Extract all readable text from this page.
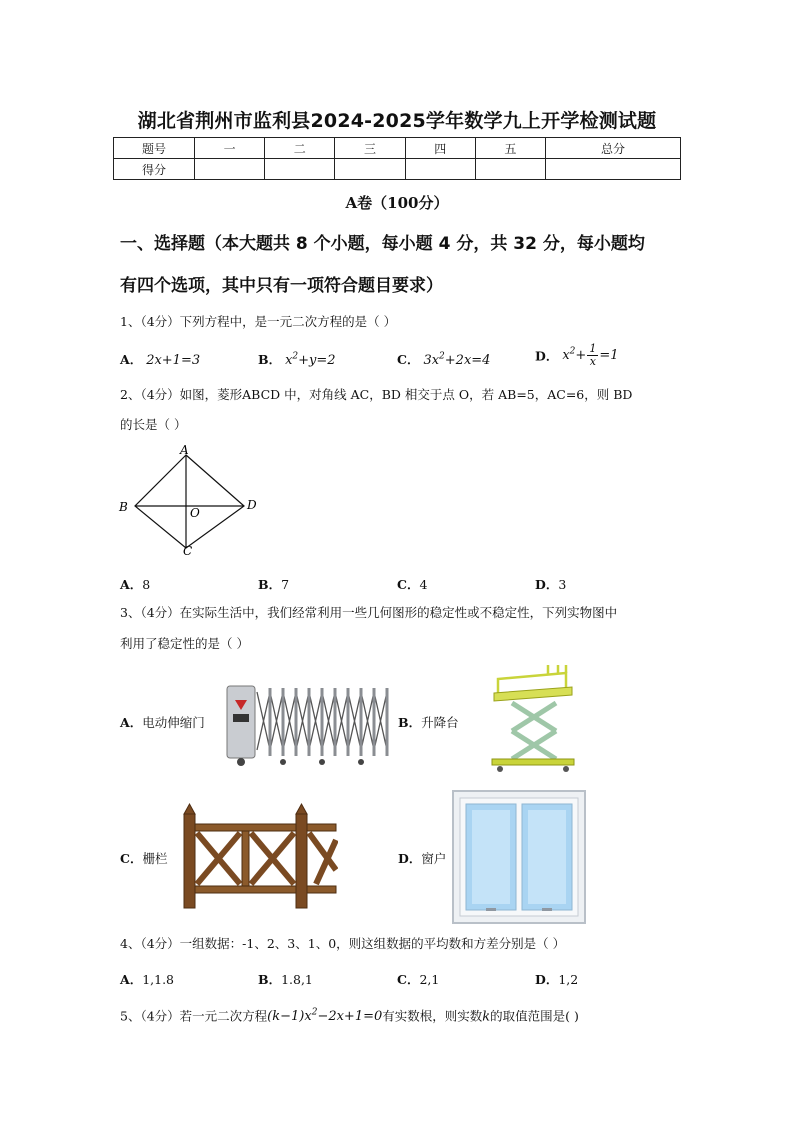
湖北省荆州市监利县2024-2025学年数学九上开学检测试题
题号	一	二	三	四	五	总分
得分						
A卷（100分）
一、选择题（本大题共 8 个小题，每小题 4 分，共 32 分，每小题均
有四个选项，其中只有一项符合题目要求）
1、（4分）下列方程中，是一元二次方程的是（ ）
A． 2x+1=3	B． $x^2+y=2$	C． $3x^2+2x=4$	D． $x^2+ \frac{1}{x} =1$
2、（4分）如图，菱形ABCD 中，对角线 AC，BD 相交于点 O，若 AB=5，AC=6，则 BD
的长是（ ）
A
B	D
O
C
A．8	B．7	C．4	D．3
3、（4分）在实际生活中，我们经常利用一些几何图形的稳定性或不稳定性，下列实物图中
利用了稳定性的是（ ）
A．电动伸缩门	B．升降台
C．栅栏	D．窗户
4、（4分）一组数据：-1、2、3、1、0，则这组数据的平均数和方差分别是（ ）
A．1,1.8	B．1.8,1	C．2,1	D．1,2
5、（4分）若一元二次方程$(k-1)x^2-2x+1=0$有实数根，则实数k的取值范围是( )
